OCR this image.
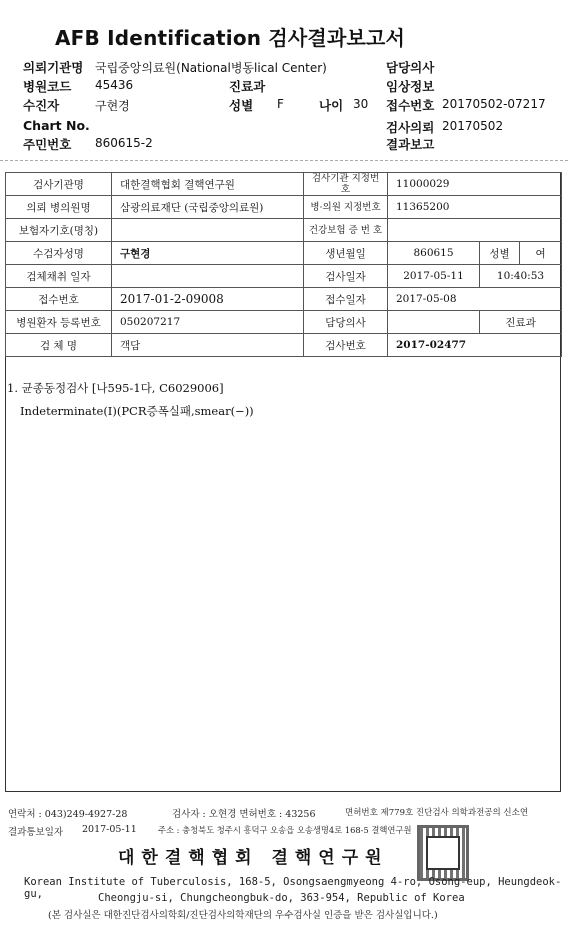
AFB Identification 검사결과보고서
의뢰기관명 국립중앙의료원(National병동lical Center)	담당의사
병원코드 45436	진료과	임상정보
수진자	구현경	성별 F	나이 30 접수번호 20170502-07217
Chart No.	검사의뢰 20170502
주민번호 860615-2	결과보고
검사기관명	대한결핵협회 결핵연구원	검사기관 지정번호	11000029		
의뢰 병의원명	삼광의료재단 (국립중앙의료원)	병·의원 지정번호	11365200		
보험자기호(명칭)		건강보험 증 번 호			
수검자성명	구현경	생년월일	860615	성별	여
검체채취 일자		검사일자	2017-05-11	10:40:53	
접수번호	2017-01-2-09008	접수일자	2017-05-08		
병원환자 등록번호	050207217	담당의사		진료과	
검 체 명	객담	검사번호	2017-02477		
1. 균종동정검사 [나595-1다, C6029006]
Indeterminate(I)(PCR증폭실패,smear(−))
연락처 : 043)249-4927-28	검사자 : 오현경 면허번호 : 43256	면허번호 제779호 진단검사 의학과전공의 신소연
결과통보일자 2017-05-11	주소 : 충청북도 청주시 흥덕구 오송읍 오송생명4로 168-5 결핵연구원
대한결핵협회 결핵연구원
Korean Institute of Tuberculosis, 168-5, Osongsaengmyeong 4-ro, Osong-eup, Heungdeok-gu,	Cheongju-si, Chungcheongbuk-do, 363-954, Republic of Korea
(본 검사실은 대한진단검사의학회/진단검사의학재단의 우수검사실 인증을 받은 검사실입니다.)
